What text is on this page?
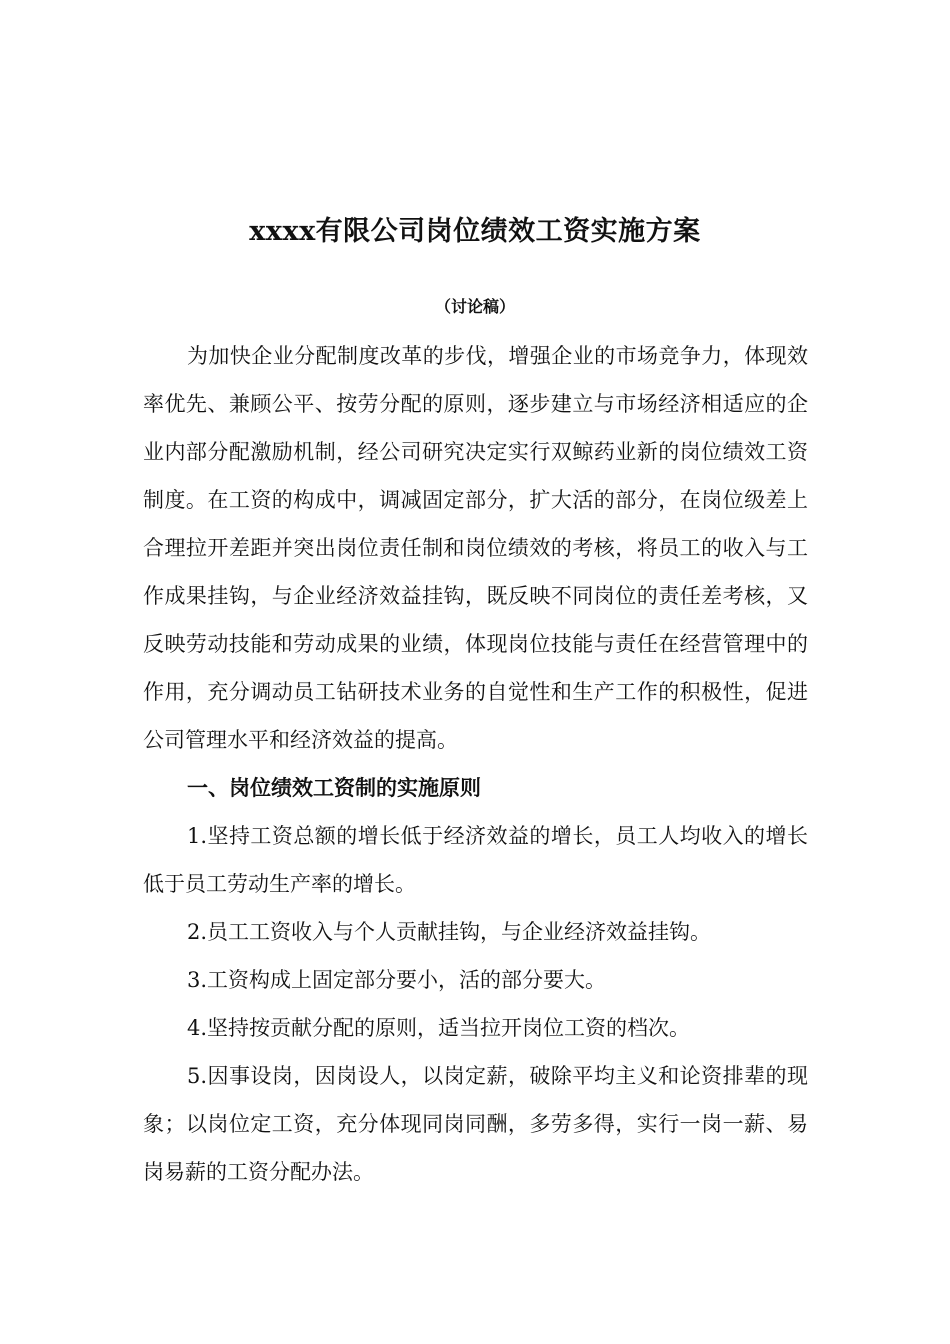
xxxx有限公司岗位绩效工资实施方案
（讨论稿）

为加快企业分配制度改革的步伐，增强企业的市场竞争力，体现效率优先、兼顾公平、按劳分配的原则，逐步建立与市场经济相适应的企业内部分配激励机制，经公司研究决定实行双鲸药业新的岗位绩效工资制度。在工资的构成中，调减固定部分，扩大活的部分，在岗位级差上合理拉开差距并突出岗位责任制和岗位绩效的考核，将员工的收入与工作成果挂钩，与企业经济效益挂钩，既反映不同岗位的责任差考核，又反映劳动技能和劳动成果的业绩，体现岗位技能与责任在经营管理中的作用，充分调动员工钻研技术业务的自觉性和生产工作的积极性，促进公司管理水平和经济效益的提高。

一、岗位绩效工资制的实施原则

1.坚持工资总额的增长低于经济效益的增长，员工人均收入的增长低于员工劳动生产率的增长。

2.员工工资收入与个人贡献挂钩，与企业经济效益挂钩。

3.工资构成上固定部分要小，活的部分要大。

4.坚持按贡献分配的原则，适当拉开岗位工资的档次。

5.因事设岗，因岗设人，以岗定薪，破除平均主义和论资排辈的现象；以岗位定工资，充分体现同岗同酬，多劳多得，实行一岗一薪、易岗易薪的工资分配办法。
